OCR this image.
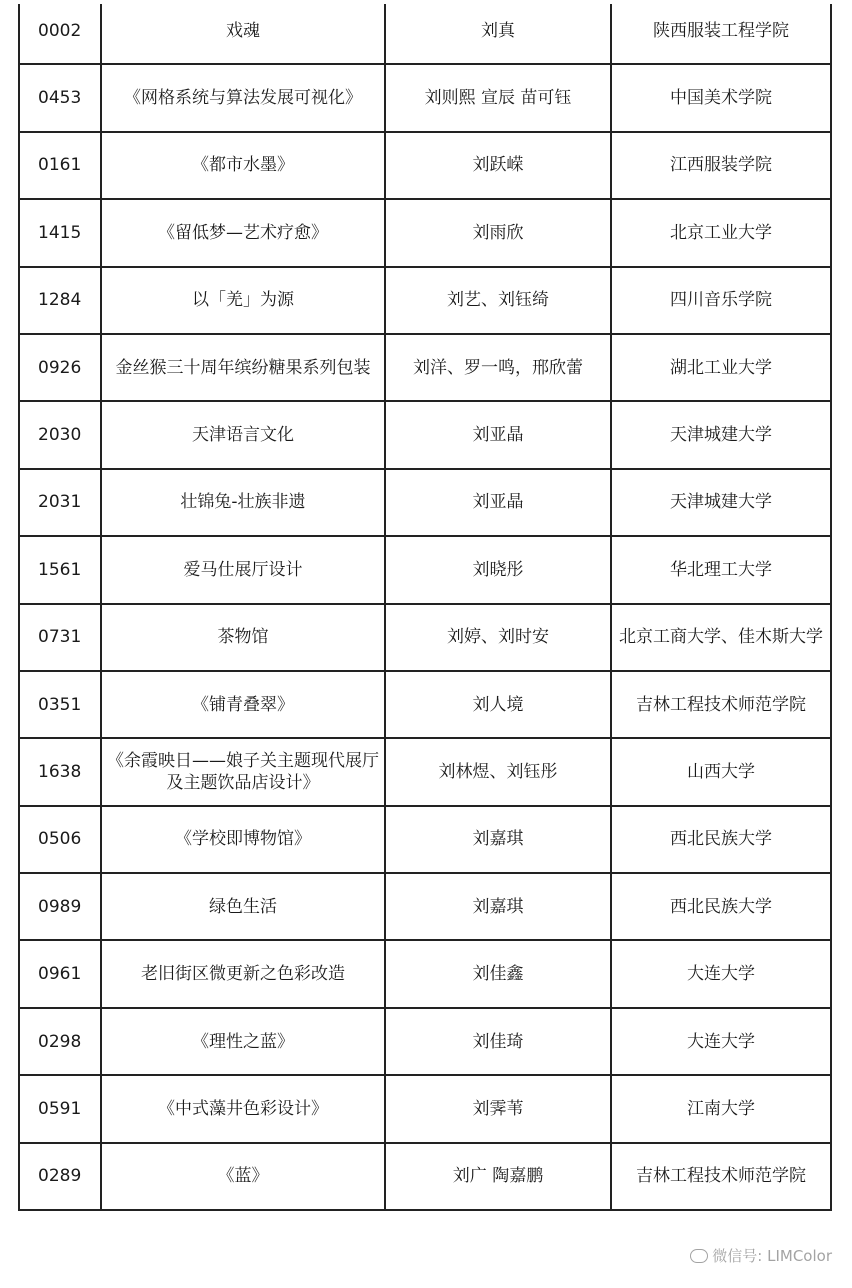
0002	戏魂	刘真	陕西服装工程学院
0453	《网格系统与算法发展可视化》	刘则熙 宣辰 苗可钰	中国美术学院
0161	《都市水墨》	刘跃嵘	江西服装学院
1415	《留低梦—艺术疗愈》	刘雨欣	北京工业大学
1284	以「羌」为源	刘艺、刘钰绮	四川音乐学院
0926	金丝猴三十周年缤纷糖果系列包装	刘洋、罗一鸣，邢欣蕾	湖北工业大学
2030	天津语言文化	刘亚晶	天津城建大学
2031	壮锦兔-壮族非遗	刘亚晶	天津城建大学
1561	爱马仕展厅设计	刘晓彤	华北理工大学
0731	茶物馆	刘婷、刘时安	北京工商大学、佳木斯大学
0351	《铺青叠翠》	刘人境	吉林工程技术师范学院
1638	《余霞映日——娘子关主题现代展厅及主题饮品店设计》	刘林煜、刘钰彤	山西大学
0506	《学校即博物馆》	刘嘉琪	西北民族大学
0989	绿色生活	刘嘉琪	西北民族大学
0961	老旧街区微更新之色彩改造	刘佳鑫	大连大学
0298	《理性之蓝》	刘佳琦	大连大学
0591	《中式藻井色彩设计》	刘霁苇	江南大学
0289	《蓝》	刘广 陶嘉鹏	吉林工程技术师范学院
微信号: LIMColor
